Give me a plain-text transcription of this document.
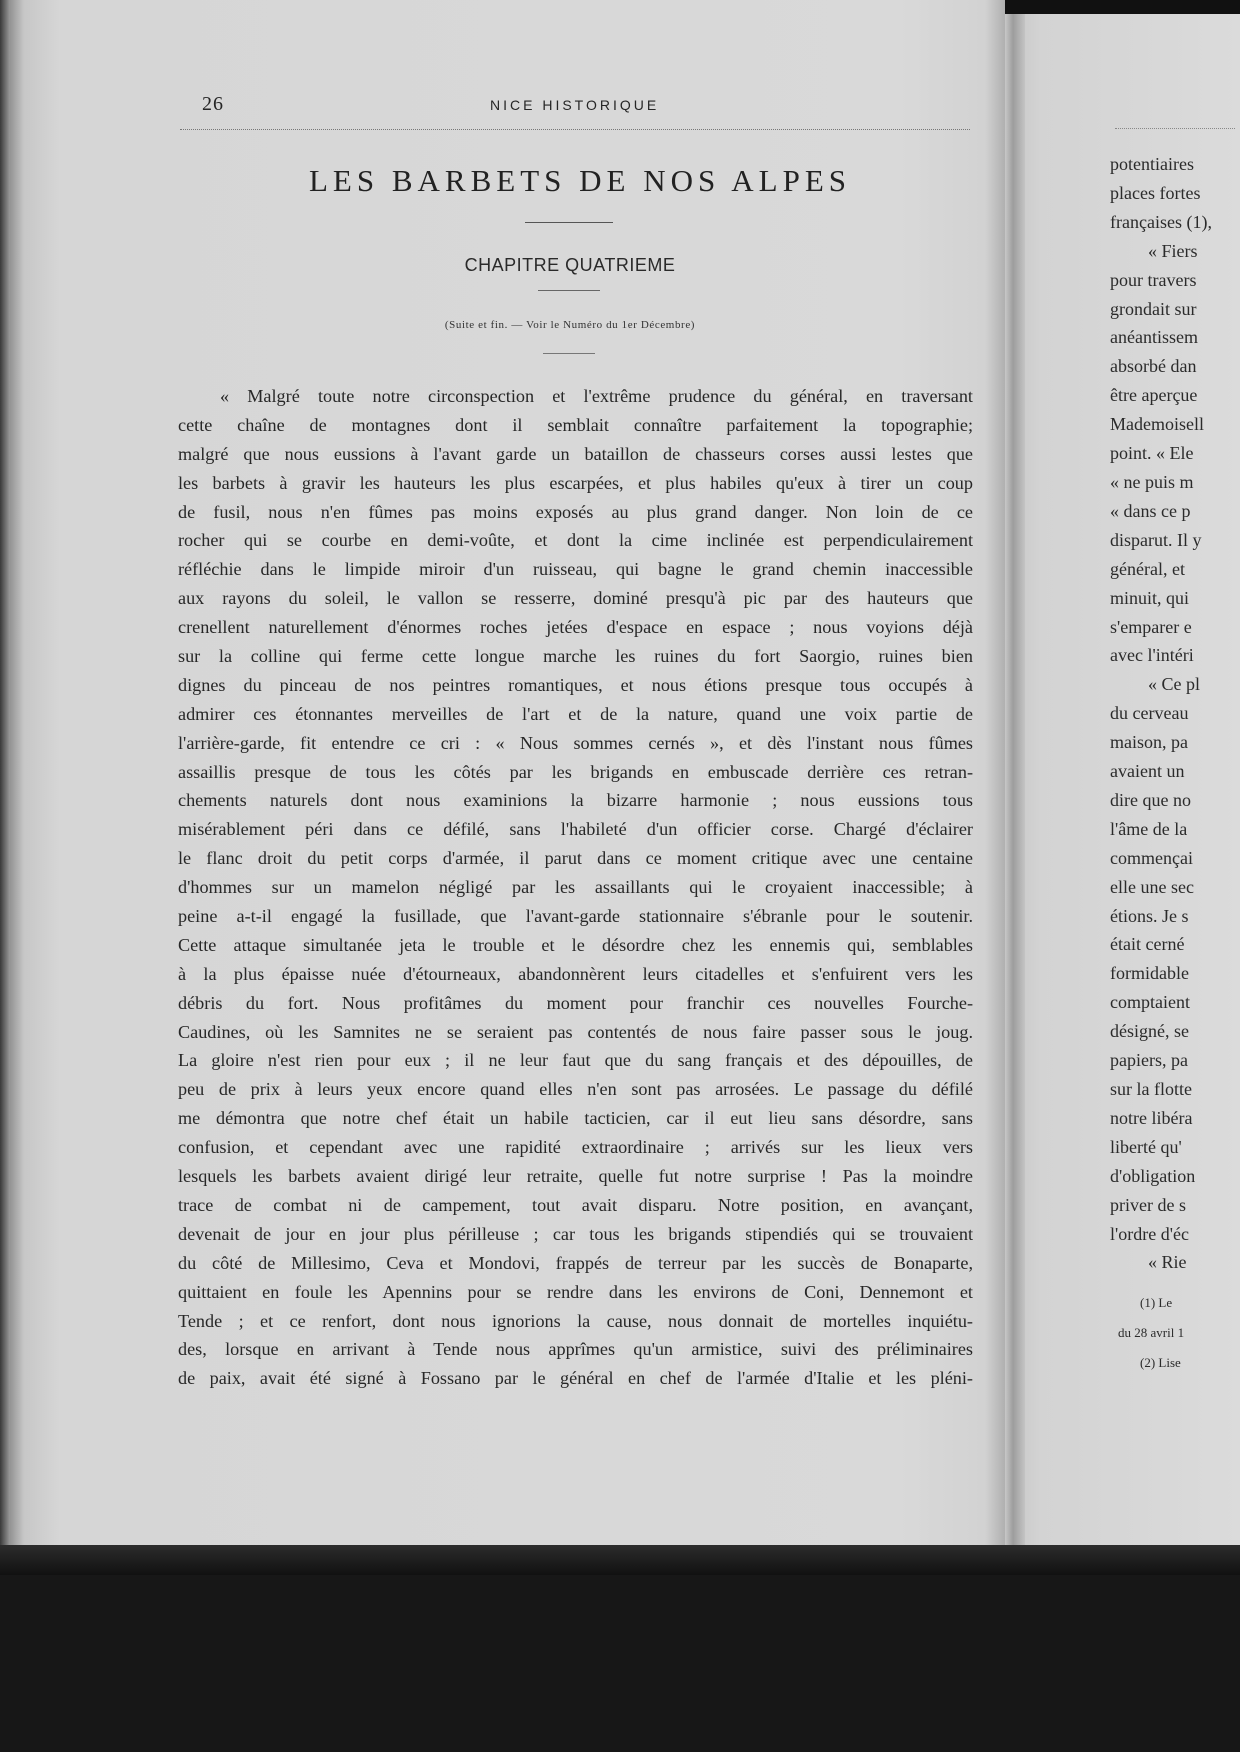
26	NICE HISTORIQUE
LES BARBETS DE NOS ALPES
CHAPITRE QUATRIEME
(Suite et fin. — Voir le Numéro du 1er Décembre)
« Malgré toute notre circonspection et l'extrême prudence du général, en traversant
cette chaîne de montagnes dont il semblait connaître parfaitement la topographie;
malgré que nous eussions à l'avant garde un bataillon de chasseurs corses aussi lestes que
les barbets à gravir les hauteurs les plus escarpées, et plus habiles qu'eux à tirer un coup
de fusil, nous n'en fûmes pas moins exposés au plus grand danger. Non loin de ce
rocher qui se courbe en demi-voûte, et dont la cime inclinée est perpendiculairement
réfléchie dans le limpide miroir d'un ruisseau, qui bagne le grand chemin inaccessible
aux rayons du soleil, le vallon se resserre, dominé presqu'à pic par des hauteurs que
crenellent naturellement d'énormes roches jetées d'espace en espace ; nous voyions déjà
sur la colline qui ferme cette longue marche les ruines du fort Saorgio, ruines bien
dignes du pinceau de nos peintres romantiques, et nous étions presque tous occupés à
admirer ces étonnantes merveilles de l'art et de la nature, quand une voix partie de
l'arrière-garde, fit entendre ce cri : « Nous sommes cernés », et dès l'instant nous fûmes
assaillis presque de tous les côtés par les brigands en embuscade derrière ces retran-
chements naturels dont nous examinions la bizarre harmonie ; nous eussions tous
misérablement péri dans ce défilé, sans l'habileté d'un officier corse. Chargé d'éclairer
le flanc droit du petit corps d'armée, il parut dans ce moment critique avec une centaine
d'hommes sur un mamelon négligé par les assaillants qui le croyaient inaccessible; à
peine a-t-il engagé la fusillade, que l'avant-garde stationnaire s'ébranle pour le soutenir.
Cette attaque simultanée jeta le trouble et le désordre chez les ennemis qui, semblables
à la plus épaisse nuée d'étourneaux, abandonnèrent leurs citadelles et s'enfuirent vers les
débris du fort. Nous profitâmes du moment pour franchir ces nouvelles Fourche-
Caudines, où les Samnites ne se seraient pas contentés de nous faire passer sous le joug.
La gloire n'est rien pour eux ; il ne leur faut que du sang français et des dépouilles, de
peu de prix à leurs yeux encore quand elles n'en sont pas arrosées. Le passage du défilé
me démontra que notre chef était un habile tacticien, car il eut lieu sans désordre, sans
confusion, et cependant avec une rapidité extraordinaire ; arrivés sur les lieux vers
lesquels les barbets avaient dirigé leur retraite, quelle fut notre surprise ! Pas la moindre
trace de combat ni de campement, tout avait disparu. Notre position, en avançant,
devenait de jour en jour plus périlleuse ; car tous les brigands stipendiés qui se trouvaient
du côté de Millesimo, Ceva et Mondovi, frappés de terreur par les succès de Bonaparte,
quittaient en foule les Apennins pour se rendre dans les environs de Coni, Dennemont et
Tende ; et ce renfort, dont nous ignorions la cause, nous donnait de mortelles inquiétu-
des, lorsque en arrivant à Tende nous apprîmes qu'un armistice, suivi des préliminaires
de paix, avait été signé à Fossano par le général en chef de l'armée d'Italie et les pléni-
potentiaires
places fortes
françaises (1),
« Fiers
pour travers
grondait sur
anéantissem
absorbé dan
être aperçue
Mademoisell
point. « Ele
« ne puis m
« dans ce p
disparut. Il y
général, et
minuit, qui
s'emparer e
avec l'intéri
« Ce pl
du cerveau
maison, pa
avaient un
dire que no
l'âme de la
commençai
elle une sec
étions. Je s
était cerné
formidable
comptaient
désigné, se
papiers, pa
sur la flotte
notre libéra
liberté qu'
d'obligation
priver de s
l'ordre d'éc
« Rie
(1) Le
du 28 avril 1
(2) Lise
